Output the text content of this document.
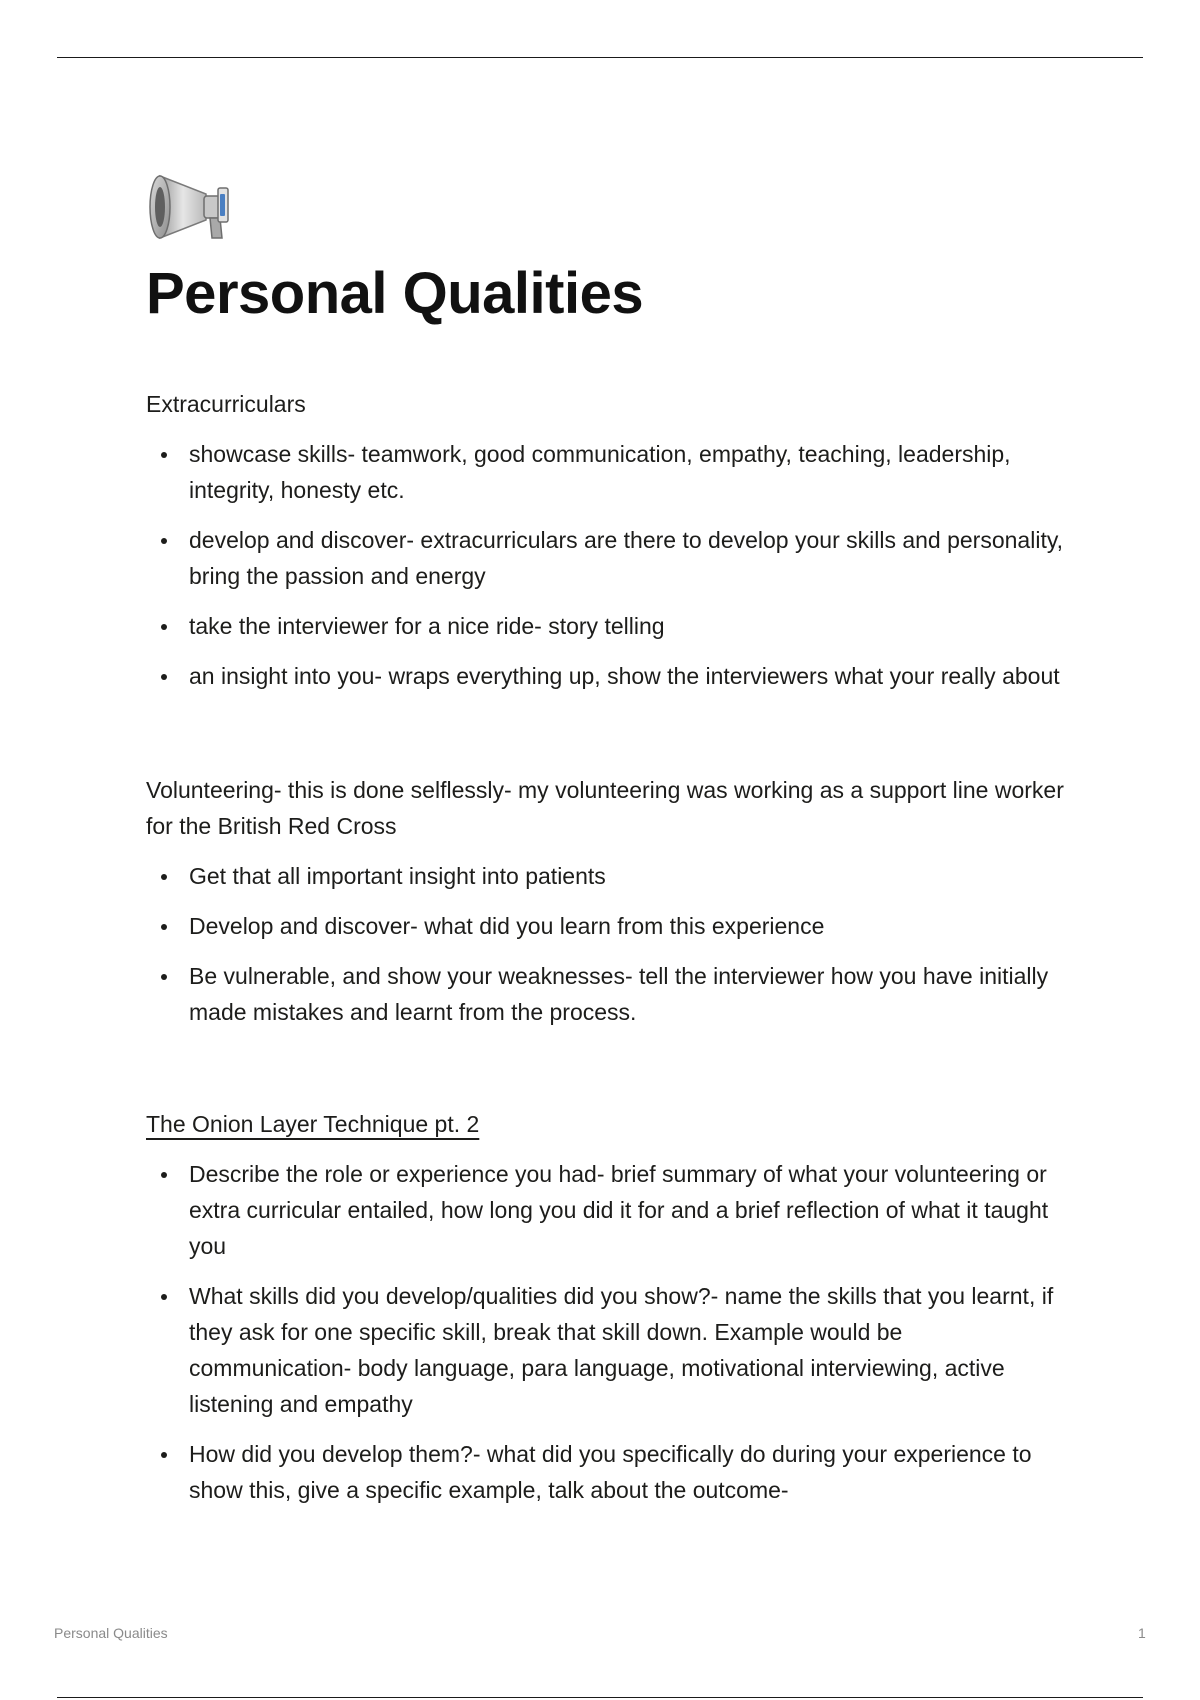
Personal Qualities

Extracurriculars

showcase skills- teamwork, good communication, empathy, teaching, leadership, integrity, honesty etc.
develop and discover- extracurriculars are there to develop your skills and personality, bring the passion and energy
take the interviewer for a nice ride- story telling
an insight into you- wraps everything up, show the interviewers what your really about

Volunteering- this is done selflessly- my volunteering was working as a support line worker for the British Red Cross

Get that all important insight into patients
Develop and discover- what did you learn from this experience
Be vulnerable, and show your weaknesses- tell the interviewer how you have initially made mistakes and learnt from the process.

The Onion Layer Technique pt. 2

Describe the role or experience you had- brief summary of what your volunteering or extra curricular entailed, how long you did it for and a brief reflection of what it taught you
What skills did you develop/qualities did you show?- name the skills that you learnt, if they ask for one specific skill, break that skill down. Example would be communication- body language, para language, motivational interviewing, active listening and empathy
How did you develop them?- what did you specifically do during your experience to show this, give a specific example, talk about the outcome-
Personal Qualities	1
